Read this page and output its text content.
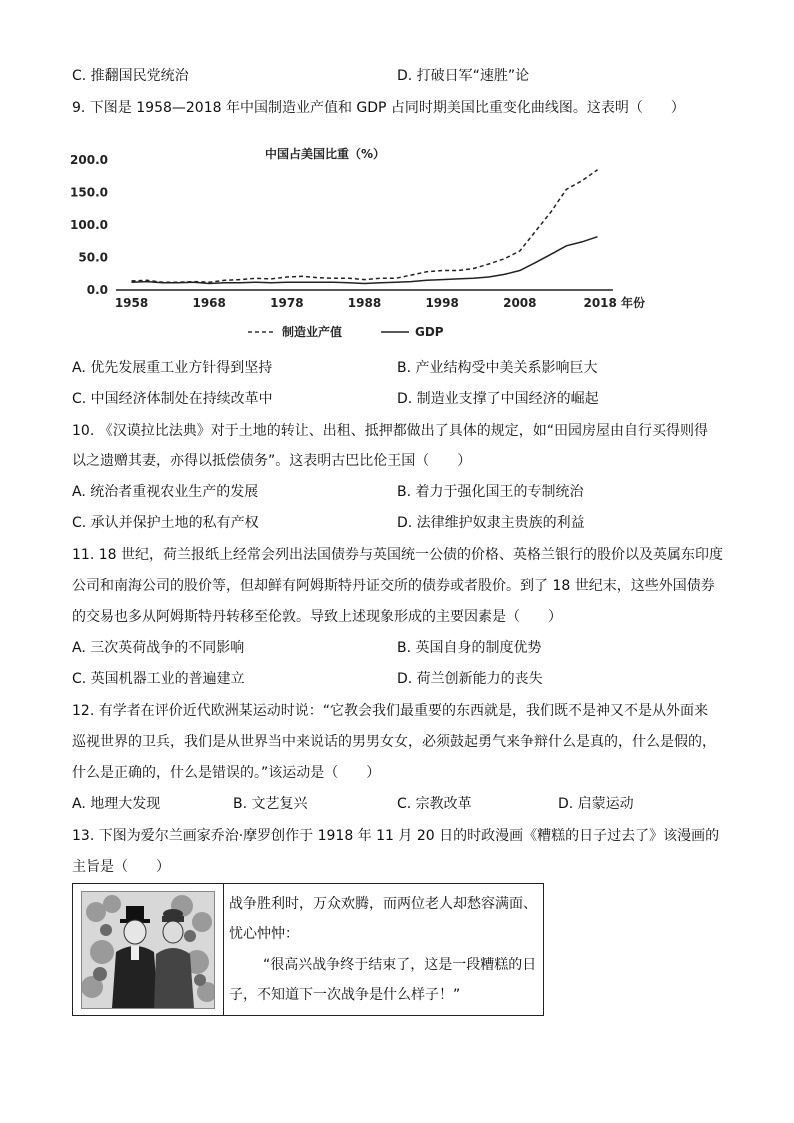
C. 推翻国民党统治	D. 打破日军“速胜”论
9. 下图是 1958—2018 年中国制造业产值和 GDP 占同时期美国比重变化曲线图。这表明（　　）
中国占美国比重（%）
0.0
50.0
100.0
150.0
200.0
1958	1968	1978	1988	1998	2008	2018 年份
制造业产值	GDP
A. 优先发展重工业方针得到坚持	B. 产业结构受中美关系影响巨大
C. 中国经济体制处在持续改革中	D. 制造业支撑了中国经济的崛起
10. 《汉谟拉比法典》对于土地的转让、出租、抵押都做出了具体的规定，如“田园房屋由自行买得则得
以之遗赠其妻，亦得以抵偿债务”。这表明古巴比伦王国（　　）
A. 统治者重视农业生产的发展	B. 着力于强化国王的专制统治
C. 承认并保护土地的私有产权	D. 法律维护奴隶主贵族的利益
11. 18 世纪，荷兰报纸上经常会列出法国债券与英国统一公债的价格、英格兰银行的股价以及英属东印度
公司和南海公司的股价等，但却鲜有阿姆斯特丹证交所的债券或者股价。到了 18 世纪末，这些外国债券
的交易也多从阿姆斯特丹转移至伦敦。导致上述现象形成的主要因素是（　　）
A. 三次英荷战争的不同影响	B. 英国自身的制度优势
C. 英国机器工业的普遍建立	D. 荷兰创新能力的丧失
12. 有学者在评价近代欧洲某运动时说：“它教会我们最重要的东西就是，我们既不是神又不是从外面来
巡视世界的卫兵，我们是从世界当中来说话的男男女女，必须鼓起勇气来争辩什么是真的，什么是假的，
什么是正确的，什么是错误的。”该运动是（　　）
A. 地理大发现	B. 文艺复兴	C. 宗教改革	D. 启蒙运动
13. 下图为爱尔兰画家乔治·摩罗创作于 1918 年 11 月 20 日的时政漫画《糟糕的日子过去了》该漫画的
主旨是（　　）
战争胜利时，万众欢腾，而两位老人却愁容满面、
忧心忡忡：
“很高兴战争终于结束了，这是一段糟糕的日
子，不知道下一次战争是什么样子！”
